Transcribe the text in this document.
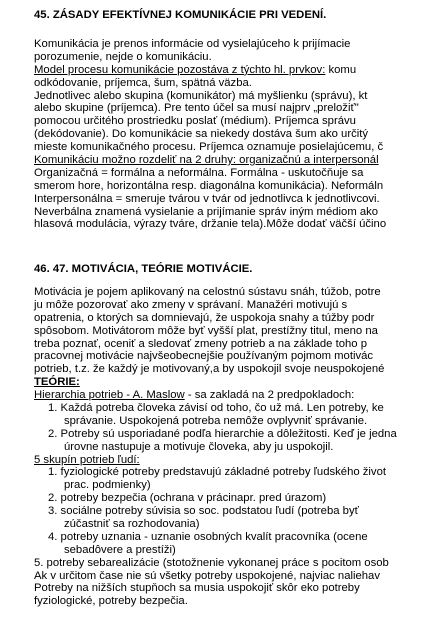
45. ZÁSADY EFEKTÍVNEJ KOMUNIKÁCIE PRI VEDENÍ.
Komunikácia je prenos informácie od vysielajúceho k prijímacie
porozumenie, nejde o komunikáciu.
Model procesu komunikácie pozostáva z týchto hl. prvkov: komu
odkódovanie, príjemca, šum, spätná väzba.
Jednotlivec alebo skupina (komunikátor) má myšlienku (správu), kt
alebo skupine (príjemca). Pre tento účel sa musí najprv „preložiť"
pomocou určitého prostriedku poslať (médium). Príjemca správu
(dekódovanie). Do komunikácie sa niekedy dostáva šum ako určitý
mieste komunikačného procesu. Príjemca oznamuje posielajúcemu, č
Komunikáciu možno rozdeliť na 2 druhy: organizačnú a interpersonál
Organizačná = formálna a neformálna. Formálna - uskutočňuje sa
smerom hore, horizontálna resp. diagonálna komunikácia). Neformáln
Interpersonálna = smeruje tvárou v tvár od jednotlivca k jednotlivcovi.
Neverbálna znamená vysielanie a prijímanie správ iným médiom ako
hlasová modulácia, výrazy tváre, držanie tela).Môže dodať väčší účino
46. 47. MOTIVÁCIA, TEÓRIE MOTIVÁCIE.
Motivácia je pojem aplikovaný na celostnú sústavu snáh, túžob, potre
ju môže pozorovať ako zmeny v správaní. Manažéri motivujú s
opatrenia, o ktorých sa domnievajú, že uspokoja snahy a túžby podr
spôsobom. Motivátorom môže byť vyšší plat, prestížny titul, meno na
treba poznať, oceniť a sledovať zmeny potrieb a na základe toho p
pracovnej motivácie najvšeobecnejšie používaným pojmom motivác
potrieb, t.z. že každý je motivovaný,a by uspokojil svoje neuspokojené
TEÓRIE:
Hierarchia potrieb - A. Maslow - sa zakladá na 2 predpokladoch:
1. Každá potreba človeka závisí od toho, čo už má. Len potreby, ke
správanie. Uspokojená potreba nemôže ovplyvniť správanie.
2. Potreby sú usporiadané podľa hierarchie a dôležitosti. Keď je jedna
úrovne nastupuje a motivuje človeka, aby ju uspokojil.
5 skupín potrieb ľudí:
1. fyziologické potreby predstavujú základné potreby ľudského život
prac. podmienky)
2. potreby bezpečia (ochrana v prácinapr. pred úrazom)
3. sociálne potreby súvisia so soc. podstatou ľudí (potreba byť
zúčastniť sa rozhodovania)
4. potreby uznania - uznanie osobných kvalít pracovníka (ocene
sebadôvere a prestíži)
5. potreby sebarealizácie (stotožnenie vykonanej práce s pocitom osob
Ak v určitom čase nie sú všetky potreby uspokojené, najviac naliehav
Potreby na nižších stupňoch sa musia uspokojiť skôr eko potreby
fyziologické, potreby bezpečia.
